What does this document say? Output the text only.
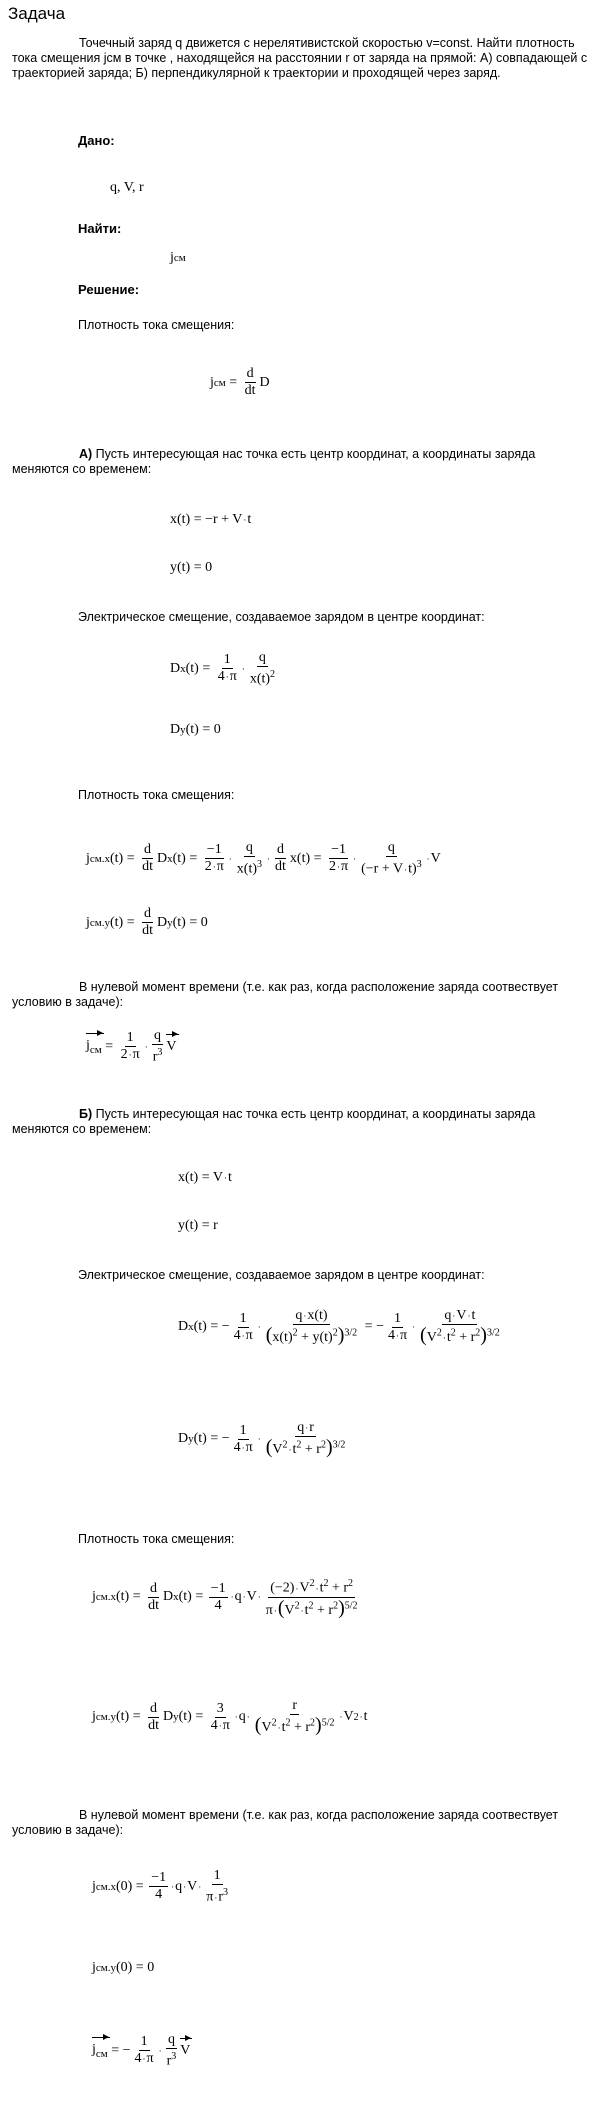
Задача
Точечный заряд q движется с нерелятивистской скоростью v=const. Найти плотность тока смещения jсм в точке , находящейся на расстоянии r от заряда на прямой: А) совпадающей с траекторией заряда; Б) перпендикулярной к траектории и проходящей через заряд.
Дано:
q, V, r
Найти:
j см
Решение:
Плотность тока смещения:
j см = $\frac{d}{dt}$ D
А) Пусть интересующая нас точка есть центр координат, а координаты заряда меняются со временем:
x(t) = −r + V · t
y(t) = 0
Электрическое смещение, создаваемое зарядом в центре координат:
D x $(t) = \frac{1}{4\cdot\pi} \cdot \frac{q}{x(t)^2}$
D y (t) = 0
Плотность тока смещения:
j см.x $(t) = \frac{d}{dt}$ D x $(t) = \frac{-1}{2\cdot\pi} \cdot \frac{q}{x(t)^3} \cdot \frac{d}{dt} x(t) = \frac{-1}{2\cdot\pi} \cdot \frac{q}{(-r + V\cdot t)^3} \cdot V$
j см.y $(t) = \frac{d}{dt}$ D y (t) = 0
В нулевой момент времени (т.е. как раз, когда расположение заряда соотвествует условию в задаче):
$j_{см} = \frac{1}{2\cdot\pi} \cdot \frac{q}{r^3}$ V
Б) Пусть интересующая нас точка есть центр координат, а координаты заряда меняются со временем:
x(t) = V · t
y(t) = r
Электрическое смещение, создаваемое зарядом в центре координат:
D x (t) = − $\frac{1}{4\cdot\pi} \cdot \frac{q\cdot x(t)}{(x(t)^2 + y(t)^2)^{3/2}}$ = − $\frac{1}{4\cdot\pi} \cdot \frac{q\cdot V\cdot t}{(V^2\cdot t^2 + r^2)^{3/2}}$
D y (t) = − $\frac{1}{4\cdot\pi} \cdot \frac{q\cdot r}{(V^2\cdot t^2 + r^2)^{3/2}}$
Плотность тока смещения:
j см.x $(t) = \frac{d}{dt}$ D x $(t) = \frac{-1}{4} \cdot q \cdot V \cdot \frac{(-2)\cdot V^2\cdot t^2 + r^2}{\pi\cdot(V^2\cdot t^2 + r^2)^{5/2}}$
j см.y $(t) = \frac{d}{dt}$ D y $(t) = \frac{3}{4\cdot\pi} \cdot q \cdot \frac{r}{(V^2\cdot t^2 + r^2)^{5/2}} \cdot V$ 2 · t
В нулевой момент времени (т.е. как раз, когда расположение заряда соотвествует условию в задаче):
j см.x $(0) = \frac{-1}{4} \cdot q \cdot V \cdot \frac{1}{\pi\cdot r^3}$
j см.y (0) = 0
$j_{см}$ = − $\frac{1}{4\cdot\pi} \cdot \frac{q}{r^3}$ V
